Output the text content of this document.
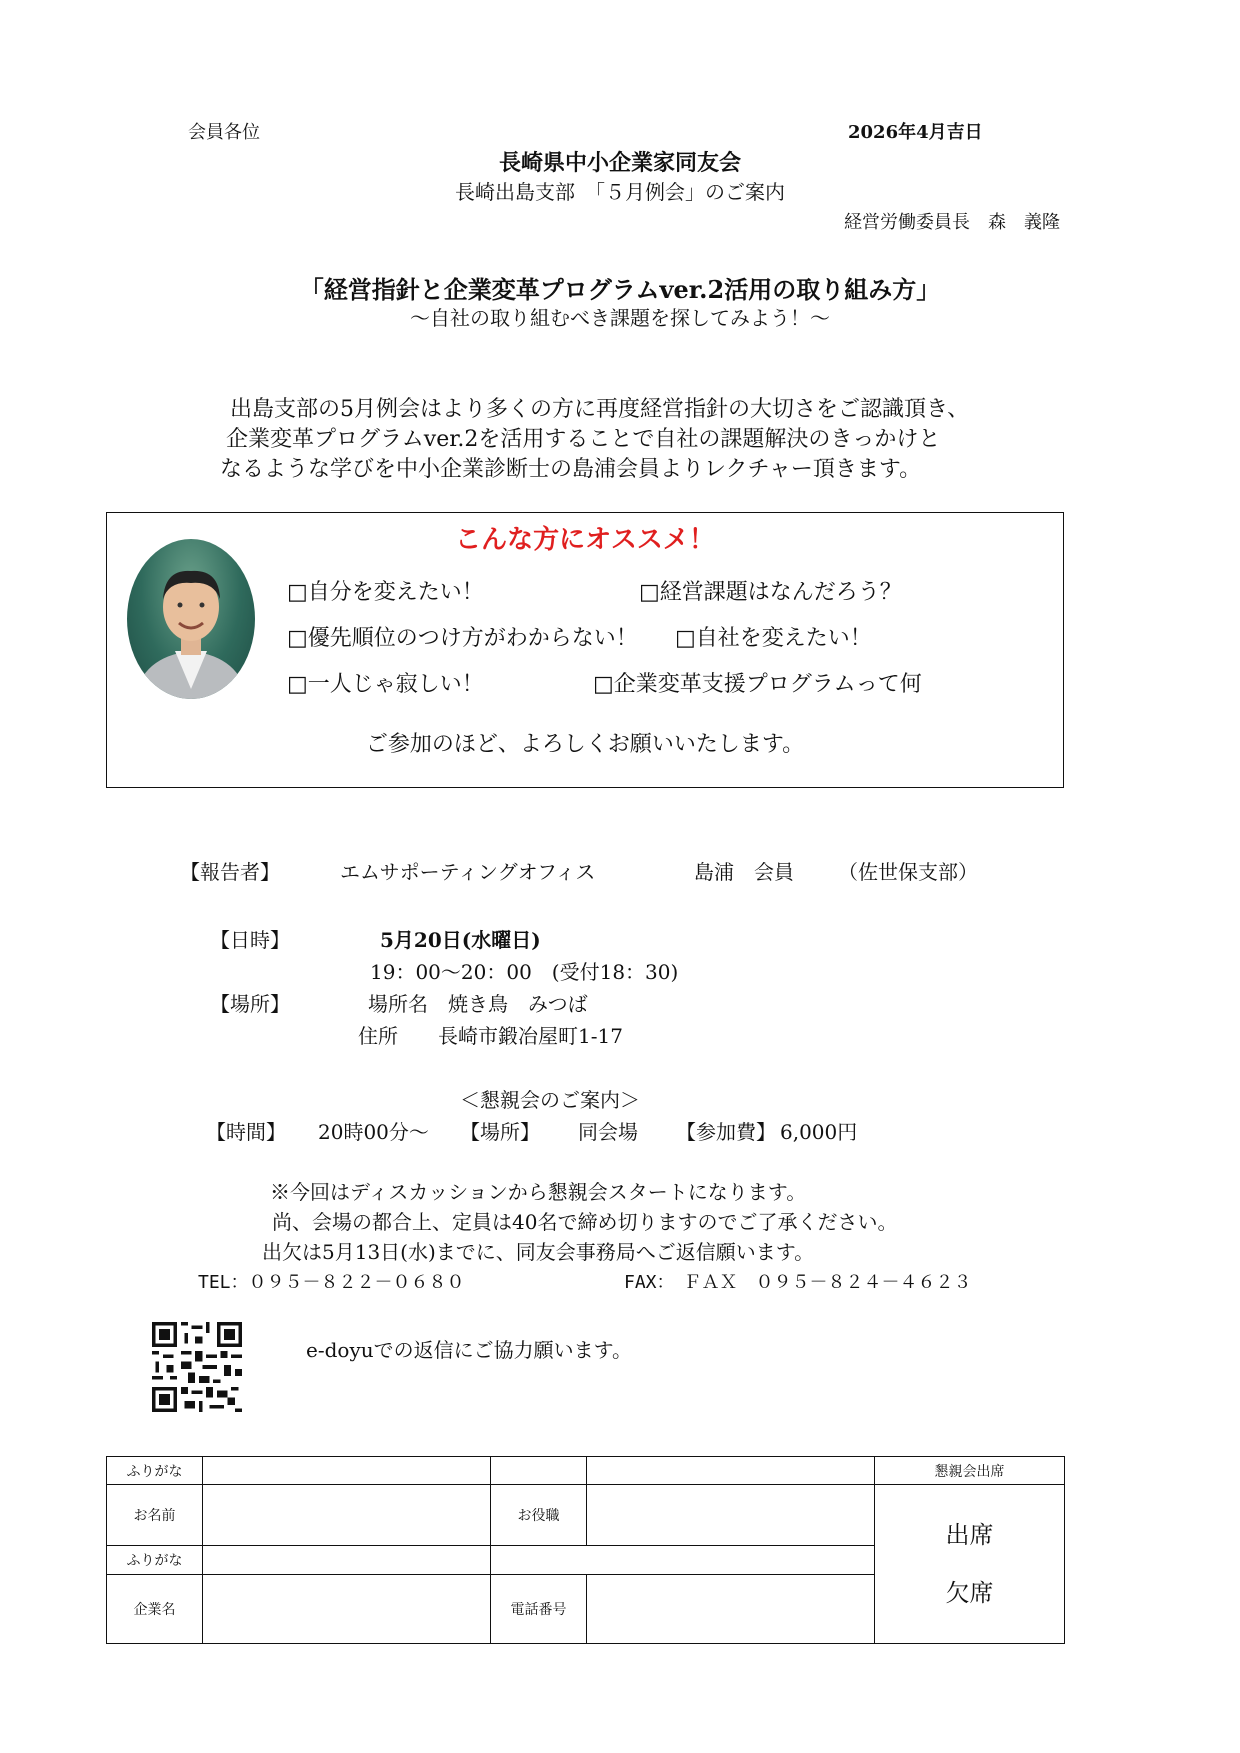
会員各位	2026年4月吉日
長崎県中小企業家同友会
長崎出島支部　「５月例会」のご案内
経営労働委員長　森　義隆
「経営指針と企業変革プログラムver.2活用の取り組み方」
～自社の取り組むべき課題を探してみよう！～
出島支部の5月例会はより多くの方に再度経営指針の大切さをご認識頂き、
企業変革プログラムver.2を活用することで自社の課題解決のきっかけと
なるような学びを中小企業診断士の島浦会員よりレクチャー頂きます。
こんな方にオススメ！
□自分を変えたい！	□経営課題はなんだろう？
□優先順位のつけ方がわからない！ □自社を変えたい！
□一人じゃ寂しい！	□企業変革支援プログラムって何
ご参加のほど、よろしくお願いいたします。
【報告者】	エムサポーティングオフィス	島浦　会員 （佐世保支部）
【日時】	5月20日(水曜日)
19：00～20：00　(受付18：30)
【場所】	場所名　焼き鳥　みつば
住所　　長崎市鍛冶屋町1-17
＜懇親会のご案内＞
【時間】 20時00分～ 【場所】 同会場 【参加費】 6,000円
※今回はディスカッションから懇親会スタートになります。
尚、会場の都合上、定員は40名で締め切りますのでご了承ください。
出欠は5月13日(水)までに、同友会事務局へご返信願います。
TEL：０９５－８２２－０６８０	FAX：　ＦＡＸ　０９５－８２４－４６２３
e-doyuでの返信にご協力願います。
ふりがな				懇親会出席
お名前		お役職		出席
欠席

ふりがな				
企業名		電話番号		
